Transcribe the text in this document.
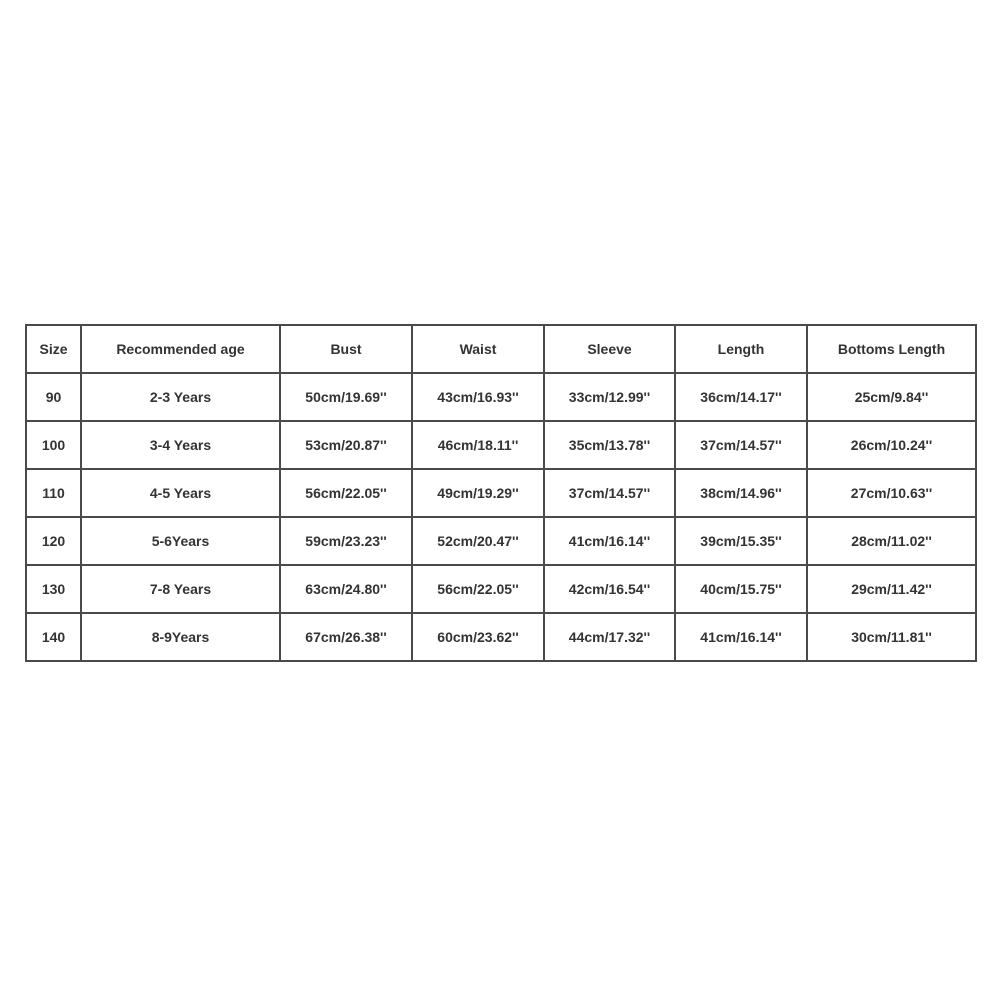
Size	Recommended age	Bust	Waist	Sleeve	Length	Bottoms Length
90	2-3 Years	50cm/19.69''	43cm/16.93''	33cm/12.99''	36cm/14.17''	25cm/9.84''
100	3-4 Years	53cm/20.87''	46cm/18.11''	35cm/13.78''	37cm/14.57''	26cm/10.24''
110	4-5 Years	56cm/22.05''	49cm/19.29''	37cm/14.57''	38cm/14.96''	27cm/10.63''
120	5-6Years	59cm/23.23''	52cm/20.47''	41cm/16.14''	39cm/15.35''	28cm/11.02''
130	7-8 Years	63cm/24.80''	56cm/22.05''	42cm/16.54''	40cm/15.75''	29cm/11.42''
140	8-9Years	67cm/26.38''	60cm/23.62''	44cm/17.32''	41cm/16.14''	30cm/11.81''
